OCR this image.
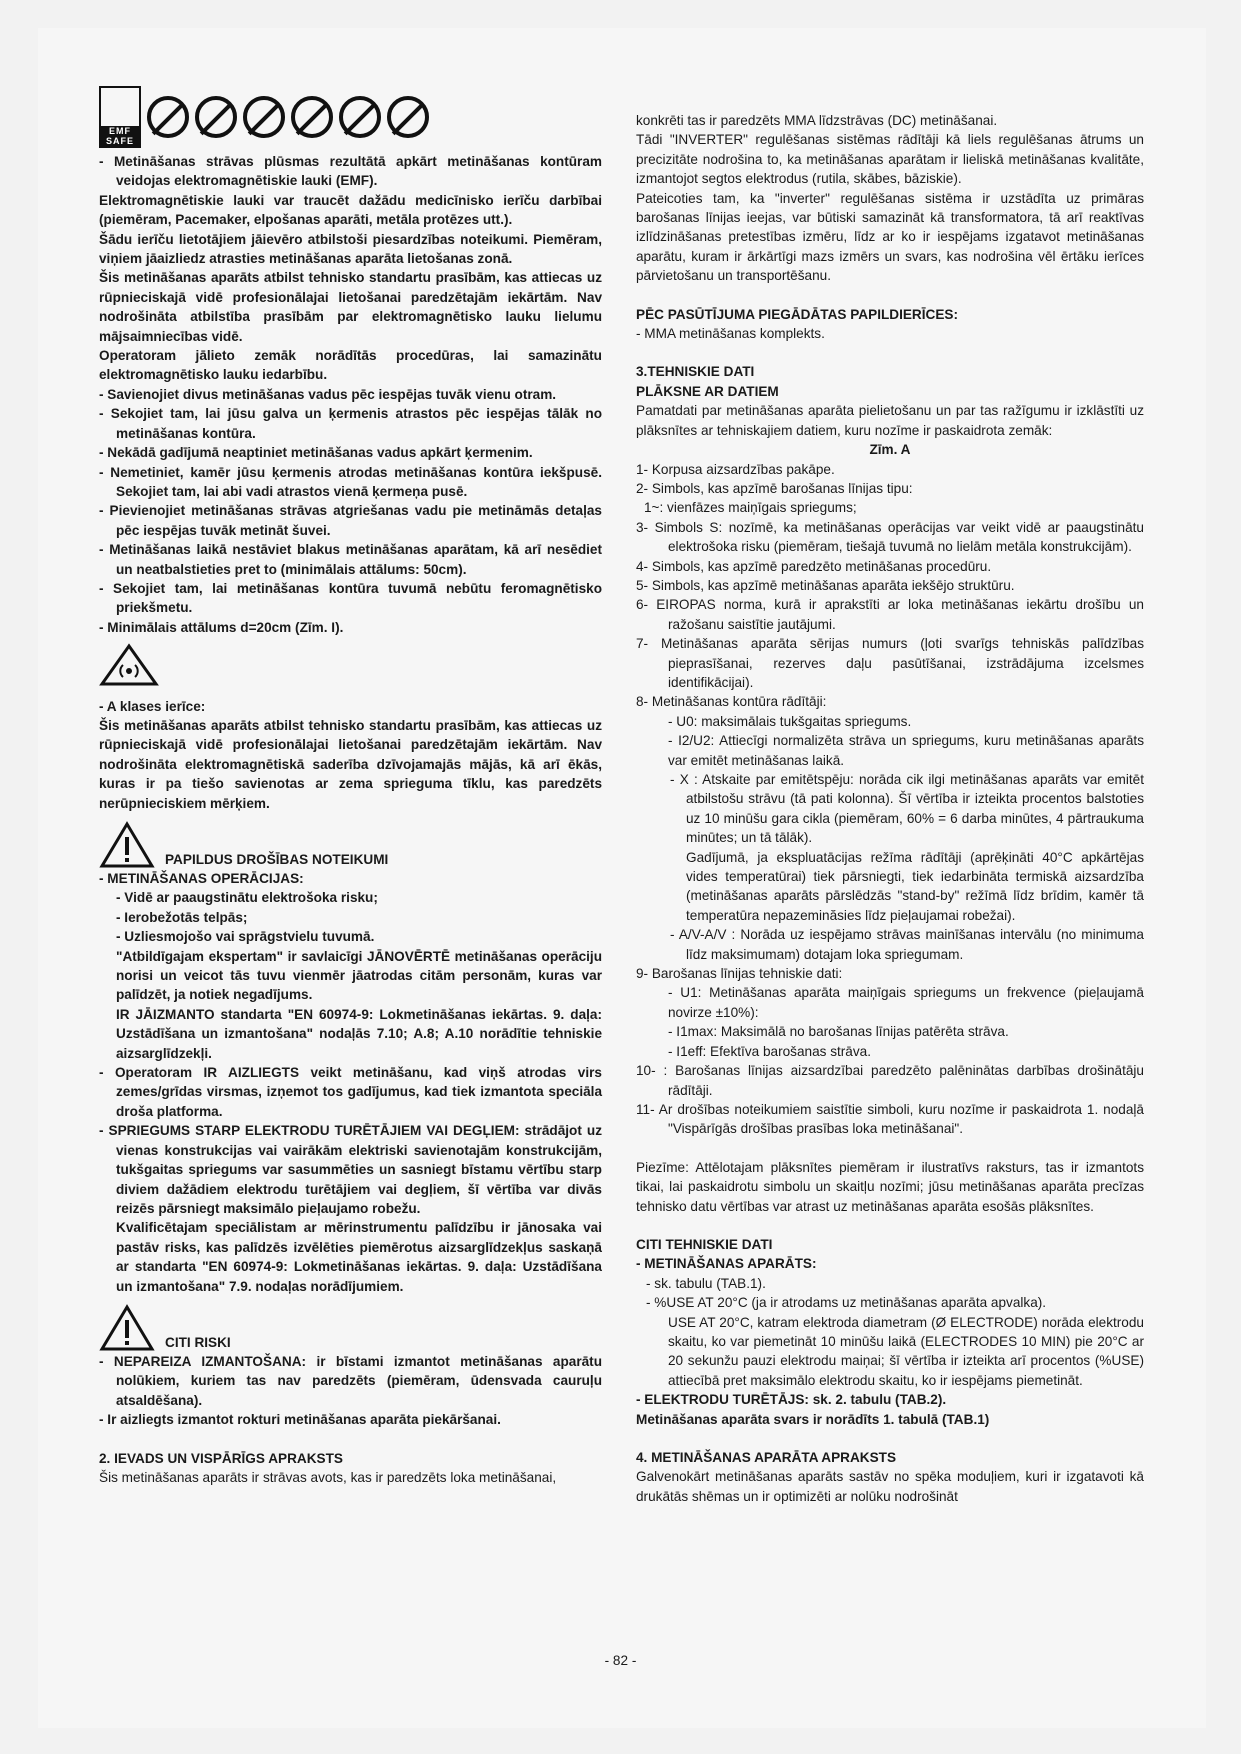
EMF
SAFE

- Metināšanas strāvas plūsmas rezultātā apkārt metināšanas kontūram veidojas elektromagnētiskie lauki (EMF).

Elektromagnētiskie lauki var traucēt dažādu medicīnisko ierīču darbībai (piemēram, Pacemaker, elpošanas aparāti, metāla protēzes utt.).

Šādu ierīču lietotājiem jāievēro atbilstoši piesardzības noteikumi. Piemēram, viņiem jāaizliedz atrasties metināšanas aparāta lietošanas zonā.

Šis metināšanas aparāts atbilst tehnisko standartu prasībām, kas attiecas uz rūpnieciskajā vidē profesionālajai lietošanai paredzētajām iekārtām. Nav nodrošināta atbilstība prasībām par elektromagnētisko lauku lielumu mājsaimniecības vidē.

Operatoram jālieto zemāk norādītās procedūras, lai samazinātu elektromagnētisko lauku iedarbību.

- Savienojiet divus metināšanas vadus pēc iespējas tuvāk vienu otram.

- Sekojiet tam, lai jūsu galva un ķermenis atrastos pēc iespējas tālāk no metināšanas kontūra.

- Nekādā gadījumā neaptiniet metināšanas vadus apkārt ķermenim.

- Nemetiniet, kamēr jūsu ķermenis atrodas metināšanas kontūra iekšpusē. Sekojiet tam, lai abi vadi atrastos vienā ķermeņa pusē.

- Pievienojiet metināšanas strāvas atgriešanas vadu pie metināmās detaļas pēc iespējas tuvāk metināt šuvei.

- Metināšanas laikā nestāviet blakus metināšanas aparātam, kā arī nesēdiet un neatbalstieties pret to (minimālais attālums: 50cm).

- Sekojiet tam, lai metināšanas kontūra tuvumā nebūtu feromagnētisko priekšmetu.

- Minimālais attālums d=20cm (Zīm. I).

- A klases ierīce:

Šis metināšanas aparāts atbilst tehnisko standartu prasībām, kas attiecas uz rūpnieciskajā vidē profesionālajai lietošanai paredzētajām iekārtām. Nav nodrošināta elektromagnētiskā saderība dzīvojamajās mājās, kā arī ēkās, kuras ir pa tiešo savienotas ar zema sprieguma tīklu, kas paredzēts nerūpnieciskiem mērķiem.

PAPILDUS DROŠĪBAS NOTEIKUMI

- METINĀŠANAS OPERĀCIJAS:

- Vidē ar paaugstinātu elektrošoka risku;

- Ierobežotās telpās;

- Uzliesmojošo vai sprāgstvielu tuvumā.

"Atbildīgajam ekspertam" ir savlaicīgi JĀNOVĒRTĒ metināšanas operāciju norisi un veicot tās tuvu vienmēr jāatrodas citām personām, kuras var palīdzēt, ja notiek negadījums.

IR JĀIZMANTO standarta "EN 60974-9: Lokmetināšanas iekārtas. 9. daļa: Uzstādīšana un izmantošana" nodaļās 7.10; A.8; A.10 norādītie tehniskie aizsarglīdzekļi.

- Operatoram IR AIZLIEGTS veikt metināšanu, kad viņš atrodas virs zemes/grīdas virsmas, izņemot tos gadījumus, kad tiek izmantota speciāla droša platforma.

- SPRIEGUMS STARP ELEKTRODU TURĒTĀJIEM VAI DEGĻIEM: strādājot uz vienas konstrukcijas vai vairākām elektriski savienotajām konstrukcijām, tukšgaitas spriegums var sasummēties un sasniegt bīstamu vērtību starp diviem dažādiem elektrodu turētājiem vai degļiem, šī vērtība var divās reizēs pārsniegt maksimālo pieļaujamo robežu.

Kvalificētajam speciālistam ar mērinstrumentu palīdzību ir jānosaka vai pastāv risks, kas palīdzēs izvēlēties piemērotus aizsarglīdzekļus saskaņā ar standarta "EN 60974-9: Lokmetināšanas iekārtas. 9. daļa: Uzstādīšana un izmantošana" 7.9. nodaļas norādījumiem.

CITI RISKI

- NEPAREIZA IZMANTOŠANA: ir bīstami izmantot metināšanas aparātu nolūkiem, kuriem tas nav paredzēts (piemēram, ūdensvada cauruļu atsaldēšana).

- Ir aizliegts izmantot rokturi metināšanas aparāta piekāršanai.

2. IEVADS UN VISPĀRĪGS APRAKSTS

Šis metināšanas aparāts ir strāvas avots, kas ir paredzēts loka metināšanai,

konkrēti tas ir paredzēts MMA līdzstrāvas (DC) metināšanai.

Tādi "INVERTER" regulēšanas sistēmas rādītāji kā liels regulēšanas ātrums un precizitāte nodrošina to, ka metināšanas aparātam ir lieliskā metināšanas kvalitāte, izmantojot segtos elektrodus (rutila, skābes, bāziskie).

Pateicoties tam, ka "inverter" regulēšanas sistēma ir uzstādīta uz primāras barošanas līnijas ieejas, var būtiski samazināt kā transformatora, tā arī reaktīvas izlīdzināšanas pretestības izmēru, līdz ar ko ir iespējams izgatavot metināšanas aparātu, kuram ir ārkārtīgi mazs izmērs un svars, kas nodrošina vēl ērtāku ierīces pārvietošanu un transportēšanu.

PĒC PASŪTĪJUMA PIEGĀDĀTAS PAPILDIERĪCES:

- MMA metināšanas komplekts.

3.TEHNISKIE DATI

PLĀKSNE AR DATIEM

Pamatdati par metināšanas aparāta pielietošanu un par tas ražīgumu ir izklāstīti uz plāksnītes ar tehniskajiem datiem, kuru nozīme ir paskaidrota zemāk:

Zīm. A

1- Korpusa aizsardzības pakāpe.

2- Simbols, kas apzīmē barošanas līnijas tipu:

1~: vienfāzes maiņīgais spriegums;

3- Simbols S: nozīmē, ka metināšanas operācijas var veikt vidē ar paaugstinātu elektrošoka risku (piemēram, tiešajā tuvumā no lielām metāla konstrukcijām).

4- Simbols, kas apzīmē paredzēto metināšanas procedūru.

5- Simbols, kas apzīmē metināšanas aparāta iekšējo struktūru.

6- EIROPAS norma, kurā ir aprakstīti ar loka metināšanas iekārtu drošību un ražošanu saistītie jautājumi.

7- Metināšanas aparāta sērijas numurs (ļoti svarīgs tehniskās palīdzības pieprasīšanai, rezerves daļu pasūtīšanai, izstrādājuma izcelsmes identifikācijai).

8- Metināšanas kontūra rādītāji:

- U0: maksimālais tukšgaitas spriegums.

- I2/U2: Attiecīgi normalizēta strāva un spriegums, kuru metināšanas aparāts var emitēt metināšanas laikā.

- X : Atskaite par emitētspēju: norāda cik ilgi metināšanas aparāts var emitēt atbilstošu strāvu (tā pati kolonna). Šī vērtība ir izteikta procentos balstoties uz 10 minūšu gara cikla (piemēram, 60% = 6 darba minūtes, 4 pārtraukuma minūtes; un tā tālāk).

Gadījumā, ja ekspluatācijas režīma rādītāji (aprēķināti 40°C apkārtējas vides temperatūrai) tiek pārsniegti, tiek iedarbināta termiskā aizsardzība (metināšanas aparāts pārslēdzās "stand-by" režīmā līdz brīdim, kamēr tā temperatūra nepazeminăsies līdz pieļaujamai robežai).

- A/V-A/V : Norāda uz iespējamo strāvas mainīšanas intervālu (no minimuma līdz maksimumam) dotajam loka spriegumam.

9- Barošanas līnijas tehniskie dati:

- U1: Metināšanas aparāta maiņīgais spriegums un frekvence (pieļaujamā novirze ±10%):

- I1max: Maksimālā no barošanas līnijas patērēta strāva.

- I1eff: Efektīva barošanas strāva.

10- : Barošanas līnijas aizsardzībai paredzēto palēninātas darbības drošinātāju rādītāji.

11- Ar drošības noteikumiem saistītie simboli, kuru nozīme ir paskaidrota 1. nodaļā "Vispārīgās drošības prasības loka metināšanai".

Piezīme: Attēlotajam plāksnītes piemēram ir ilustratīvs raksturs, tas ir izmantots tikai, lai paskaidrotu simbolu un skaitļu nozīmi; jūsu metināšanas aparāta precīzas tehnisko datu vērtības var atrast uz metināšanas aparāta esošās plāksnītes.

CITI TEHNISKIE DATI

- METINĀŠANAS APARĀTS:

- sk. tabulu (TAB.1).

- %USE AT 20°C (ja ir atrodams uz metināšanas aparāta apvalka).

USE AT 20°C, katram elektroda diametram (Ø ELECTRODE) norāda elektrodu skaitu, ko var piemetināt 10 minūšu laikā (ELECTRODES 10 MIN) pie 20°C ar 20 sekunžu pauzi elektrodu maiņai; šī vērtība ir izteikta arī procentos (%USE) attiecībā pret maksimālo elektrodu skaitu, ko ir iespējams piemetināt.

- ELEKTRODU TURĒTĀJS: sk. 2. tabulu (TAB.2).

Metināšanas aparāta svars ir norādīts 1. tabulā (TAB.1)

4. METINĀŠANAS APARĀTA APRAKSTS

Galvenokārt metināšanas aparāts sastāv no spēka moduļiem, kuri ir izgatavoti kā drukātās shēmas un ir optimizēti ar nolūku nodrošināt

- 82 -
